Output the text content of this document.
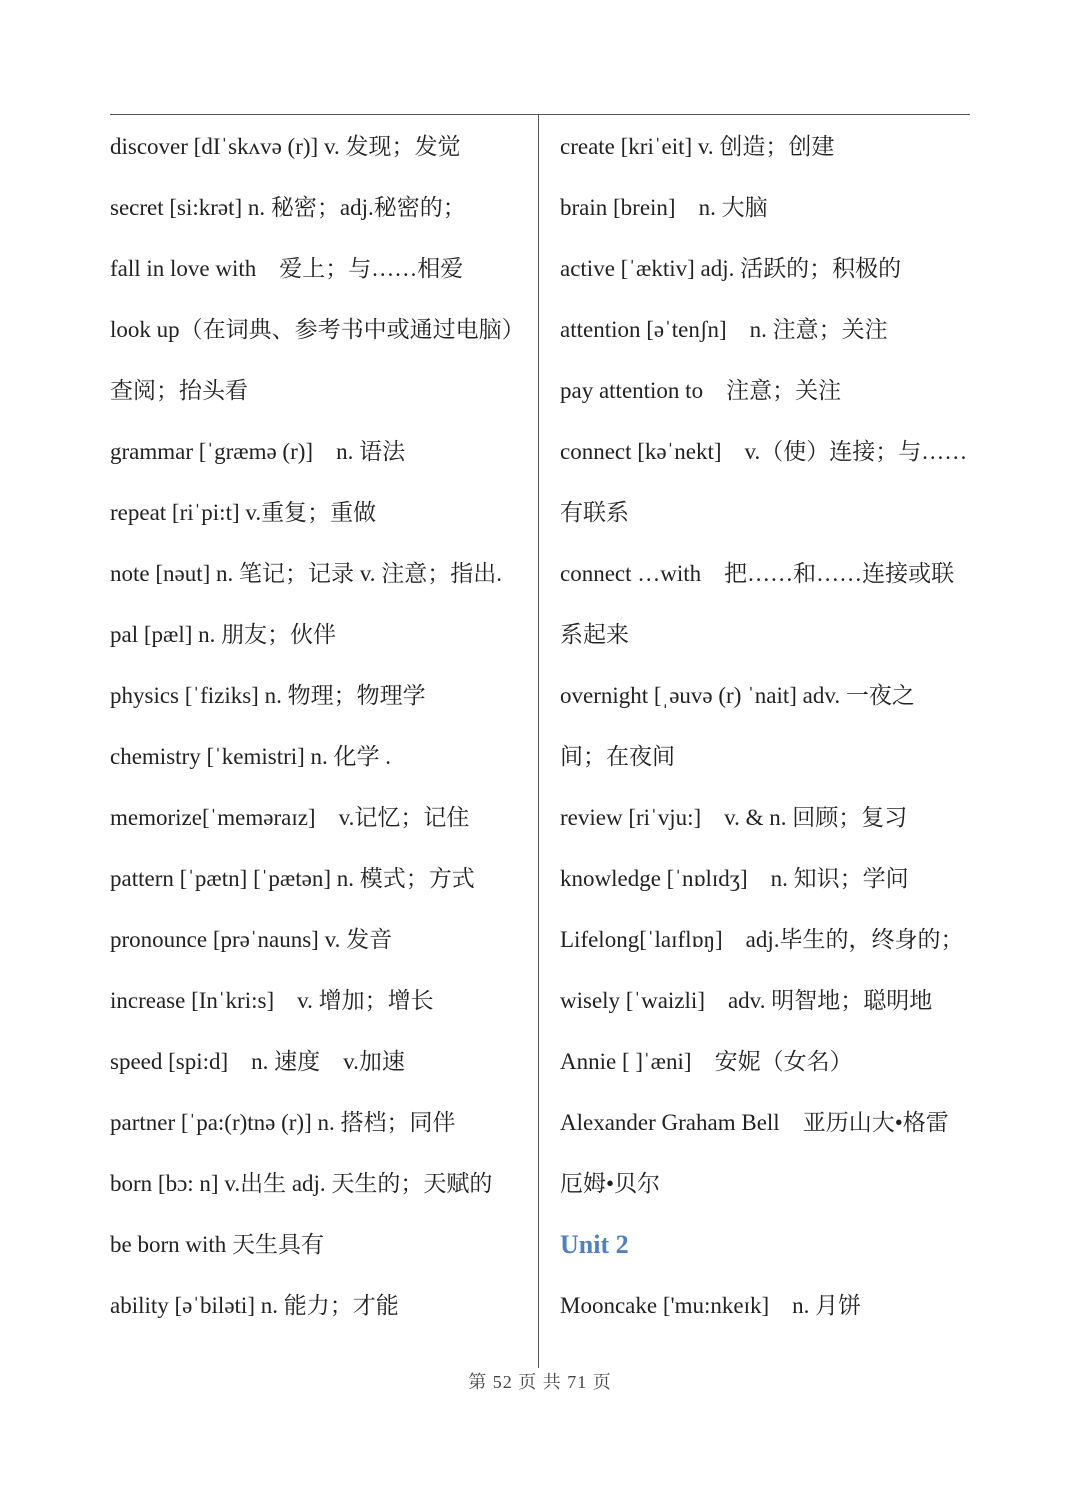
discover [dIˈskʌvə (r)] v. 发现；发觉
secret [si:krət] n. 秘密；adj.秘密的；
fall in love with　爱上；与……相爱
look up（在词典、参考书中或通过电脑）
查阅；抬头看
grammar [ˈgræmə (r)]　n. 语法
repeat [riˈpi:t] v.重复；重做
note [nəut] n. 笔记；记录 v. 注意；指出.
pal [pæl] n. 朋友；伙伴
physics [ˈfiziks] n. 物理；物理学
chemistry [ˈkemistri] n. 化学 .
memorize[ˈmeməraɪz]　v.记忆；记住
pattern [ˈpætn] [ˈpætən] n. 模式；方式
pronounce [prəˈnauns] v. 发音
increase [Inˈkri:s]　v. 增加；增长
speed [spi:d]　n. 速度　v.加速
partner [ˈpa:(r)tnə (r)] n. 搭档；同伴
born [bɔ: n] v.出生 adj. 天生的；天赋的
be born with 天生具有
ability [əˈbiləti] n. 能力；才能
create [kriˈeit] v. 创造；创建
brain [brein]　n. 大脑
active [ˈæktiv] adj. 活跃的；积极的
attention [əˈtenʃn]　n. 注意；关注
pay attention to　注意；关注
connect [kəˈnekt]　v.（使）连接；与……
有联系
connect …with　把……和……连接或联
系起来
overnight [ˌəuvə (r) ˈnait] adv. 一夜之
间；在夜间
review [riˈvju:]　v. & n. 回顾；复习
knowledge [ˈnɒlɪdʒ]　n. 知识；学问
Lifelong[ˈlaɪflɒŋ]　adj.毕生的，终身的；
wisely [ˈwaizli]　adv. 明智地；聪明地
Annie [ ]ˈæni]　安妮（女名）
Alexander Graham Bell　亚历山大•格雷
厄姆•贝尔
Unit 2
Mooncake ['mu:nkeɪk]　n. 月饼
第 52 页 共 71 页
